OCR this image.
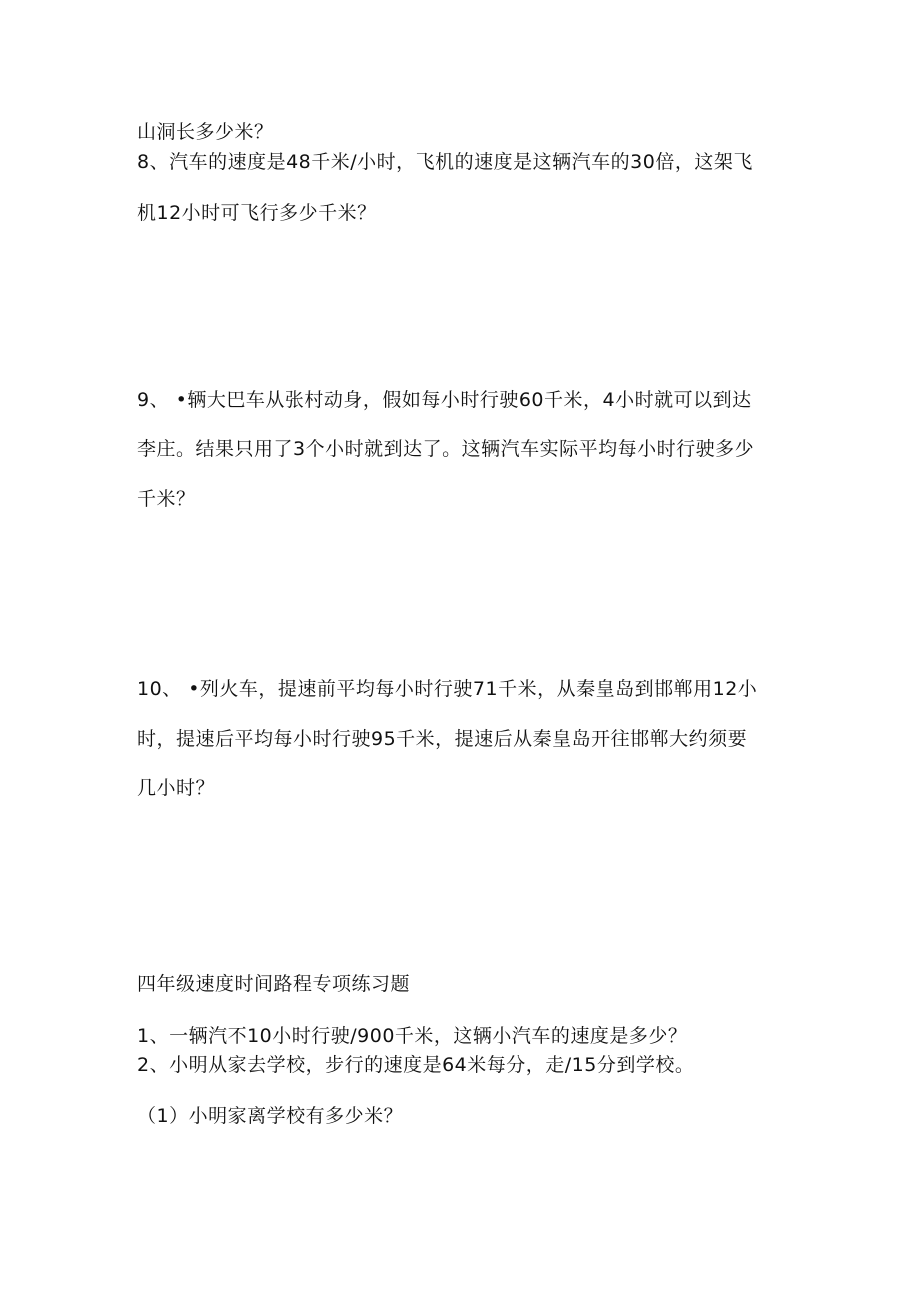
山洞长多少米？
8、汽车的速度是48千米/小时，飞机的速度是这辆汽车的30倍，这架飞
机12小时可飞行多少千米？
9、 •辆大巴车从张村动身，假如每小时行驶60千米，4小时就可以到达
李庄。结果只用了3个小时就到达了。这辆汽车实际平均每小时行驶多少
千米？
10、 •列火车，提速前平均每小时行驶71千米，从秦皇岛到邯郸用12小
时，提速后平均每小时行驶95千米，提速后从秦皇岛开往邯郸大约须要
几小时？
四年级速度时间路程专项练习题
1、一辆汽不10小时行驶/900千米，这辆小汽车的速度是多少？
2、小明从家去学校，步行的速度是64米每分，走/15分到学校。
（1）小明家离学校有多少米？
